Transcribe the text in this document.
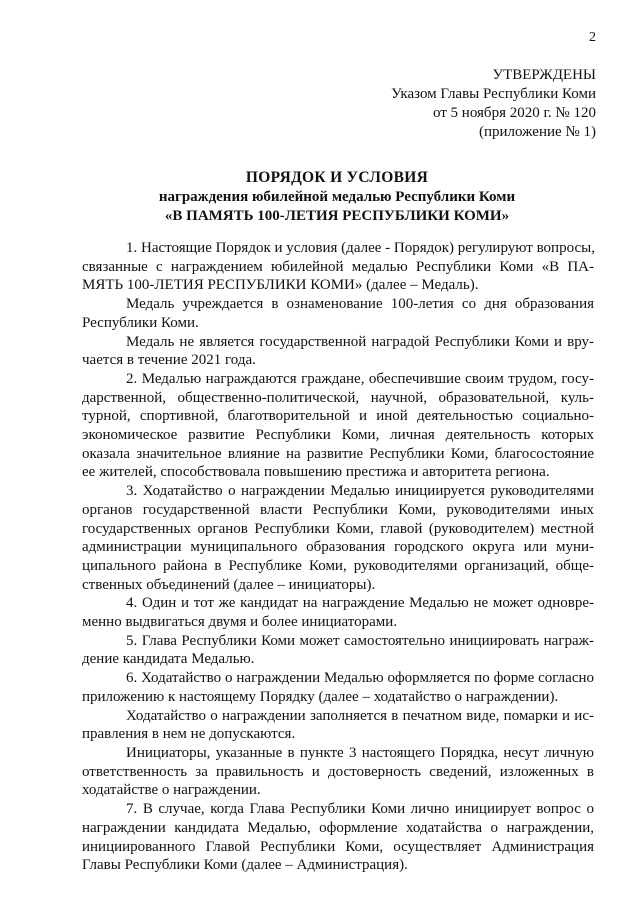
2
УТВЕРЖДЕНЫ
Указом Главы Республики Коми
от 5 ноября 2020 г. № 120
(приложение № 1)
ПОРЯДОК И УСЛОВИЯ
награждения юбилейной медалью Республики Коми
«В ПАМЯТЬ 100-ЛЕТИЯ РЕСПУБЛИКИ КОМИ»
1. Настоящие Порядок и условия (далее - Порядок) регулируют вопросы,
связанные с награждением юбилейной медалью Республики Коми «В ПА-
МЯТЬ 100-ЛЕТИЯ РЕСПУБЛИКИ КОМИ» (далее – Медаль).
Медаль учреждается в ознаменование 100-летия со дня образования
Республики Коми.
Медаль не является государственной наградой Республики Коми и вру-
чается в течение 2021 года.
2. Медалью награждаются граждане, обеспечившие своим трудом, госу-
дарственной, общественно-политической, научной, образовательной, куль-
турной, спортивной, благотворительной и иной деятельностью социально-
экономическое развитие Республики Коми, личная деятельность которых
оказала значительное влияние на развитие Республики Коми, благосостояние
ее жителей, способствовала повышению престижа и авторитета региона.
3. Ходатайство о награждении Медалью инициируется руководителями
органов государственной власти Республики Коми, руководителями иных
государственных органов Республики Коми, главой (руководителем) местной
администрации муниципального образования городского округа или муни-
ципального района в Республике Коми, руководителями организаций, обще-
ственных объединений (далее – инициаторы).
4. Один и тот же кандидат на награждение Медалью не может одновре-
менно выдвигаться двумя и более инициаторами.
5. Глава Республики Коми может самостоятельно инициировать награж-
дение кандидата Медалью.
6. Ходатайство о награждении Медалью оформляется по форме согласно
приложению к настоящему Порядку (далее – ходатайство о награждении).
Ходатайство о награждении заполняется в печатном виде, помарки и ис-
правления в нем не допускаются.
Инициаторы, указанные в пункте 3 настоящего Порядка, несут личную
ответственность за правильность и достоверность сведений, изложенных в
ходатайстве о награждении.
7. В случае, когда Глава Республики Коми лично инициирует вопрос о
награждении кандидата Медалью, оформление ходатайства о награждении,
инициированного Главой Республики Коми, осуществляет Администрация
Главы Республики Коми (далее – Администрация).
